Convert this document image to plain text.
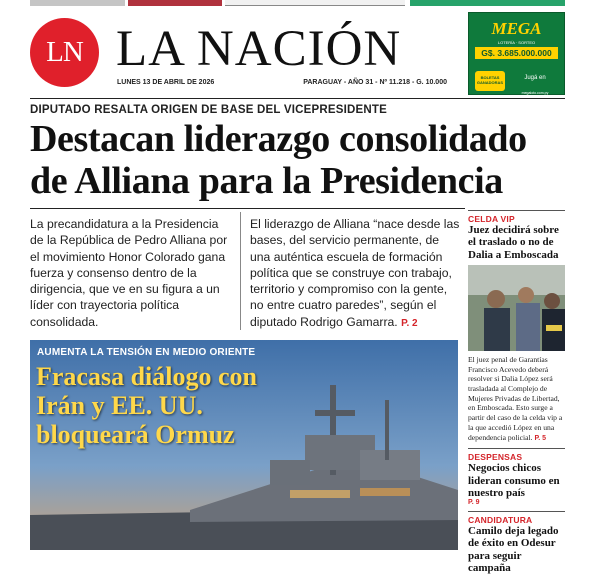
LN LA NACIÓN
LUNES 13 DE ABRIL DE 2026	PARAGUAY - AÑO 31 - Nº 11.218 - G. 10.000
MEGA
LOTERÍA · SORTEO
G$. 3.685.000.000
BOLETAS GANADORAS
Jugá en
megaloto.com.py
DIPUTADO RESALTA ORIGEN DE BASE DEL VICEPRESIDENTE
Destacan liderazgo consolidado de Alliana para la Presidencia
La precandidatura a la Presidencia de la República de Pedro Alliana por el movimiento Honor Colorado gana fuerza y consenso dentro de la dirigencia, que ve en su figura a un líder con trayectoria política consolidada.
El liderazgo de Alliana “nace desde las bases, del servicio permanente, de una auténtica escuela de formación política que se construye con trabajo, territorio y compromiso con la gente, no entre cuatro paredes”, según el diputado Rodrigo Gamarra. P. 2
AUMENTA LA TENSIÓN EN MEDIO ORIENTE
Fracasa diálogo con Irán y EE. UU. bloqueará Ormuz
CELDA VIP
Juez decidirá sobre el traslado o no de Dalia a Emboscada
El juez penal de Garantías Francisco Acevedo deberá resolver si Dalia López será trasladada al Complejo de Mujeres Privadas de Libertad, en Emboscada. Esto surge a partir del caso de la celda vip a la que accedió López en una dependencia policial. P. 5
DESPENSAS
Negocios chicos lideran consumo en nuestro país
P. 9
CANDIDATURA
Camilo deja legado de éxito en Odesur para seguir campaña
